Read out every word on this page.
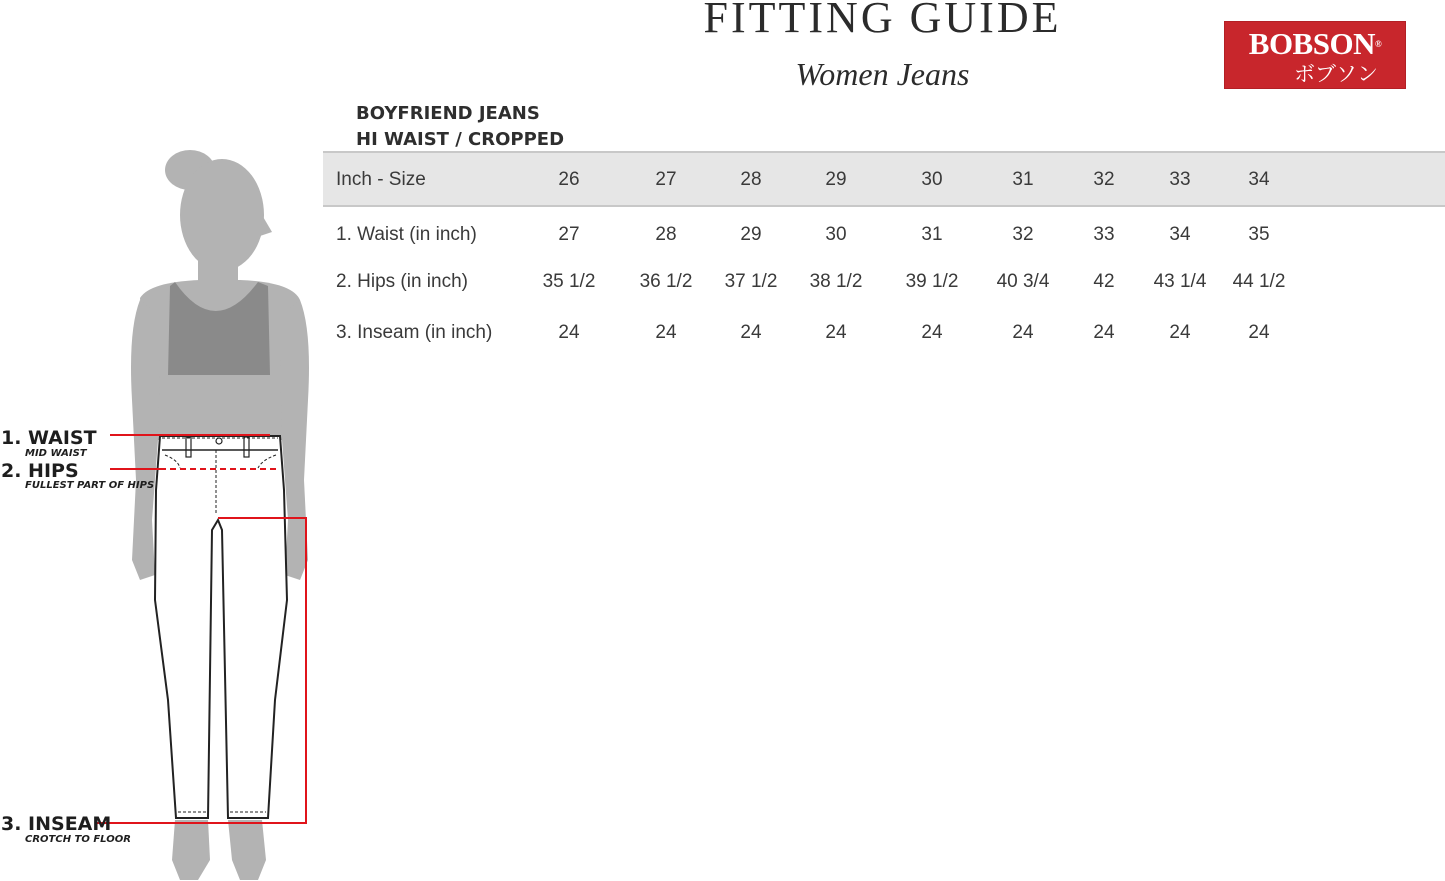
FITTING GUIDE
Women Jeans
BOBSON®
ボブソン
BOYFRIEND JEANS
HI WAIST / CROPPED
Inch - Size	26	27	28	29	30	31	32	33	34
1. Waist (in inch)	27	28	29	30	31	32	33	34	35
2. Hips (in inch)	35 1/2	36 1/2	37 1/2	38 1/2	39 1/2	40 3/4	42	43 1/4	44 1/2
3. Inseam (in inch)	24	24	24	24	24	24	24	24	24
1. WAIST
MID WAIST
2. HIPS
FULLEST PART OF HIPS
3. INSEAM
CROTCH TO FLOOR
